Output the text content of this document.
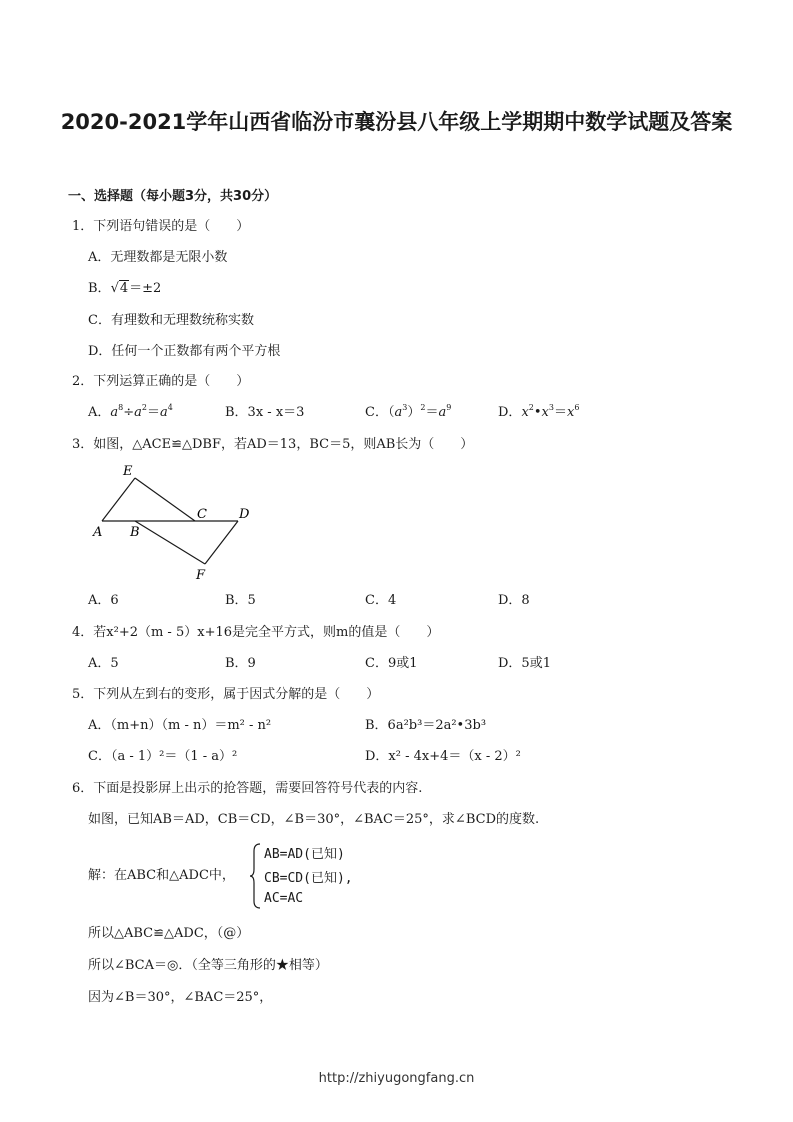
2020-2021学年山西省临汾市襄汾县八年级上学期期中数学试题及答案
一、选择题（每小题3分，共30分）
1．下列语句错误的是（　　）
A．无理数都是无限小数
B．√4＝±2
C．有理数和无理数统称实数
D．任何一个正数都有两个平方根
2．下列运算正确的是（　　）
A．$a^8\div a^2=a^4$	B．3x - x＝3	C．$(a^3)^2=a^9$	D．$x^2•x^3=x^6$
3．如图，△ACE≌△DBF，若AD＝13，BC＝5，则AB长为（　　）
E
A B
C D
F
A．6	B．5	C．4	D．8
4．若x²+2（m - 5）x+16是完全平方式，则m的值是（　　）
A．5	B．9	C．9或1	D．5或1
5．下列从左到右的变形，属于因式分解的是（　　）
A．（m+n）（m - n）＝m² - n²	B．6a²b³＝2a²•3b³
C．（a - 1）²＝（1 - a）²	D．x² - 4x+4＝（x - 2）²
6．下面是投影屏上出示的抢答题，需要回答符号代表的内容.
如图，已知AB＝AD，CB＝CD，∠B＝30°，∠BAC＝25°，求∠BCD的度数.
解：在ABC和△ADC中，
AB=AD(已知)
CB=CD(已知),
AC=AC
所以△ABC≌△ADC，（@）
所以∠BCA＝◎．（全等三角形的★相等）
因为∠B＝30°，∠BAC＝25°，
http://zhiyugongfang.cn
